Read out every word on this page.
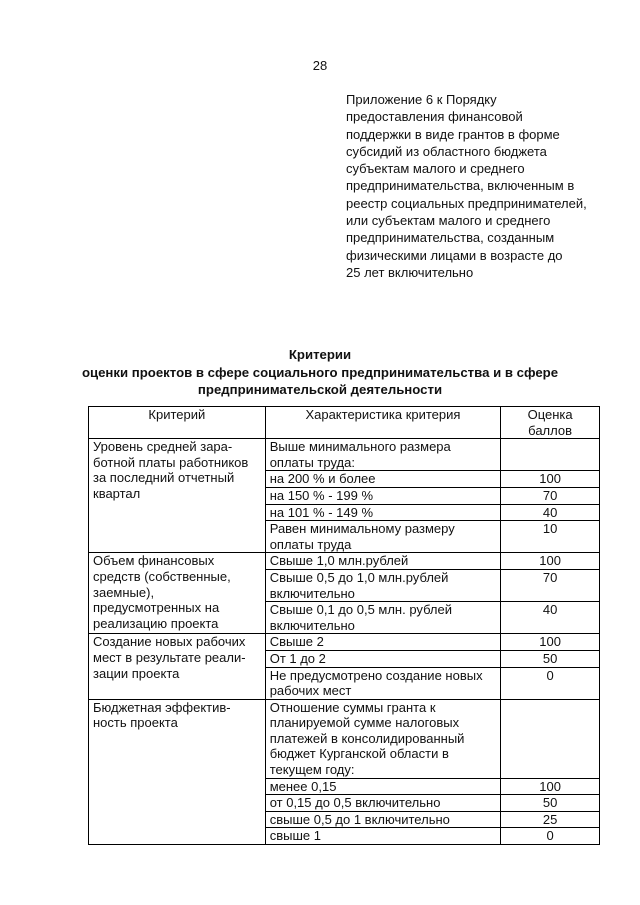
28
Приложение 6 к Порядку
предоставления финансовой
поддержки в виде грантов в форме
субсидий из областного бюджета
субъектам малого и среднего
предпринимательства, включенным в
реестр социальных предпринимателей,
или субъектам малого и среднего
предпринимательства, созданным
физическими лицами в возрасте до
25 лет включительно
Критерии
оценки проектов в сфере социального предпринимательства и в сфере
предпринимательской деятельности
Критерий	Характеристика критерия	Оценка баллов
Уровень средней зара-ботной платы работников за последний отчетный квартал	Выше минимального размера оплаты труда:	
	на 200 % и более	100
	на 150 % - 199 %	70
	на 101 % - 149 %	40
	Равен минимальному размеру оплаты труда	10
Объем финансовых средств (собственные, заемные), предусмотренных на реализацию проекта	Свыше 1,0 млн.рублей	100
	Свыше 0,5 до 1,0 млн.рублей включительно	70
	Свыше 0,1 до 0,5 млн. рублей включительно	40
Создание новых рабочих мест в результате реали-зации проекта	Свыше 2	100
	От 1 до 2	50
	Не предусмотрено создание новых рабочих мест	0
Бюджетная эффектив-ность проекта	Отношение суммы гранта к планируемой сумме налоговых платежей в консолидированный бюджет Курганской области в текущем году:	
	менее 0,15	100
	от 0,15 до 0,5 включительно	50
	свыше 0,5 до 1 включительно	25
	свыше 1	0
